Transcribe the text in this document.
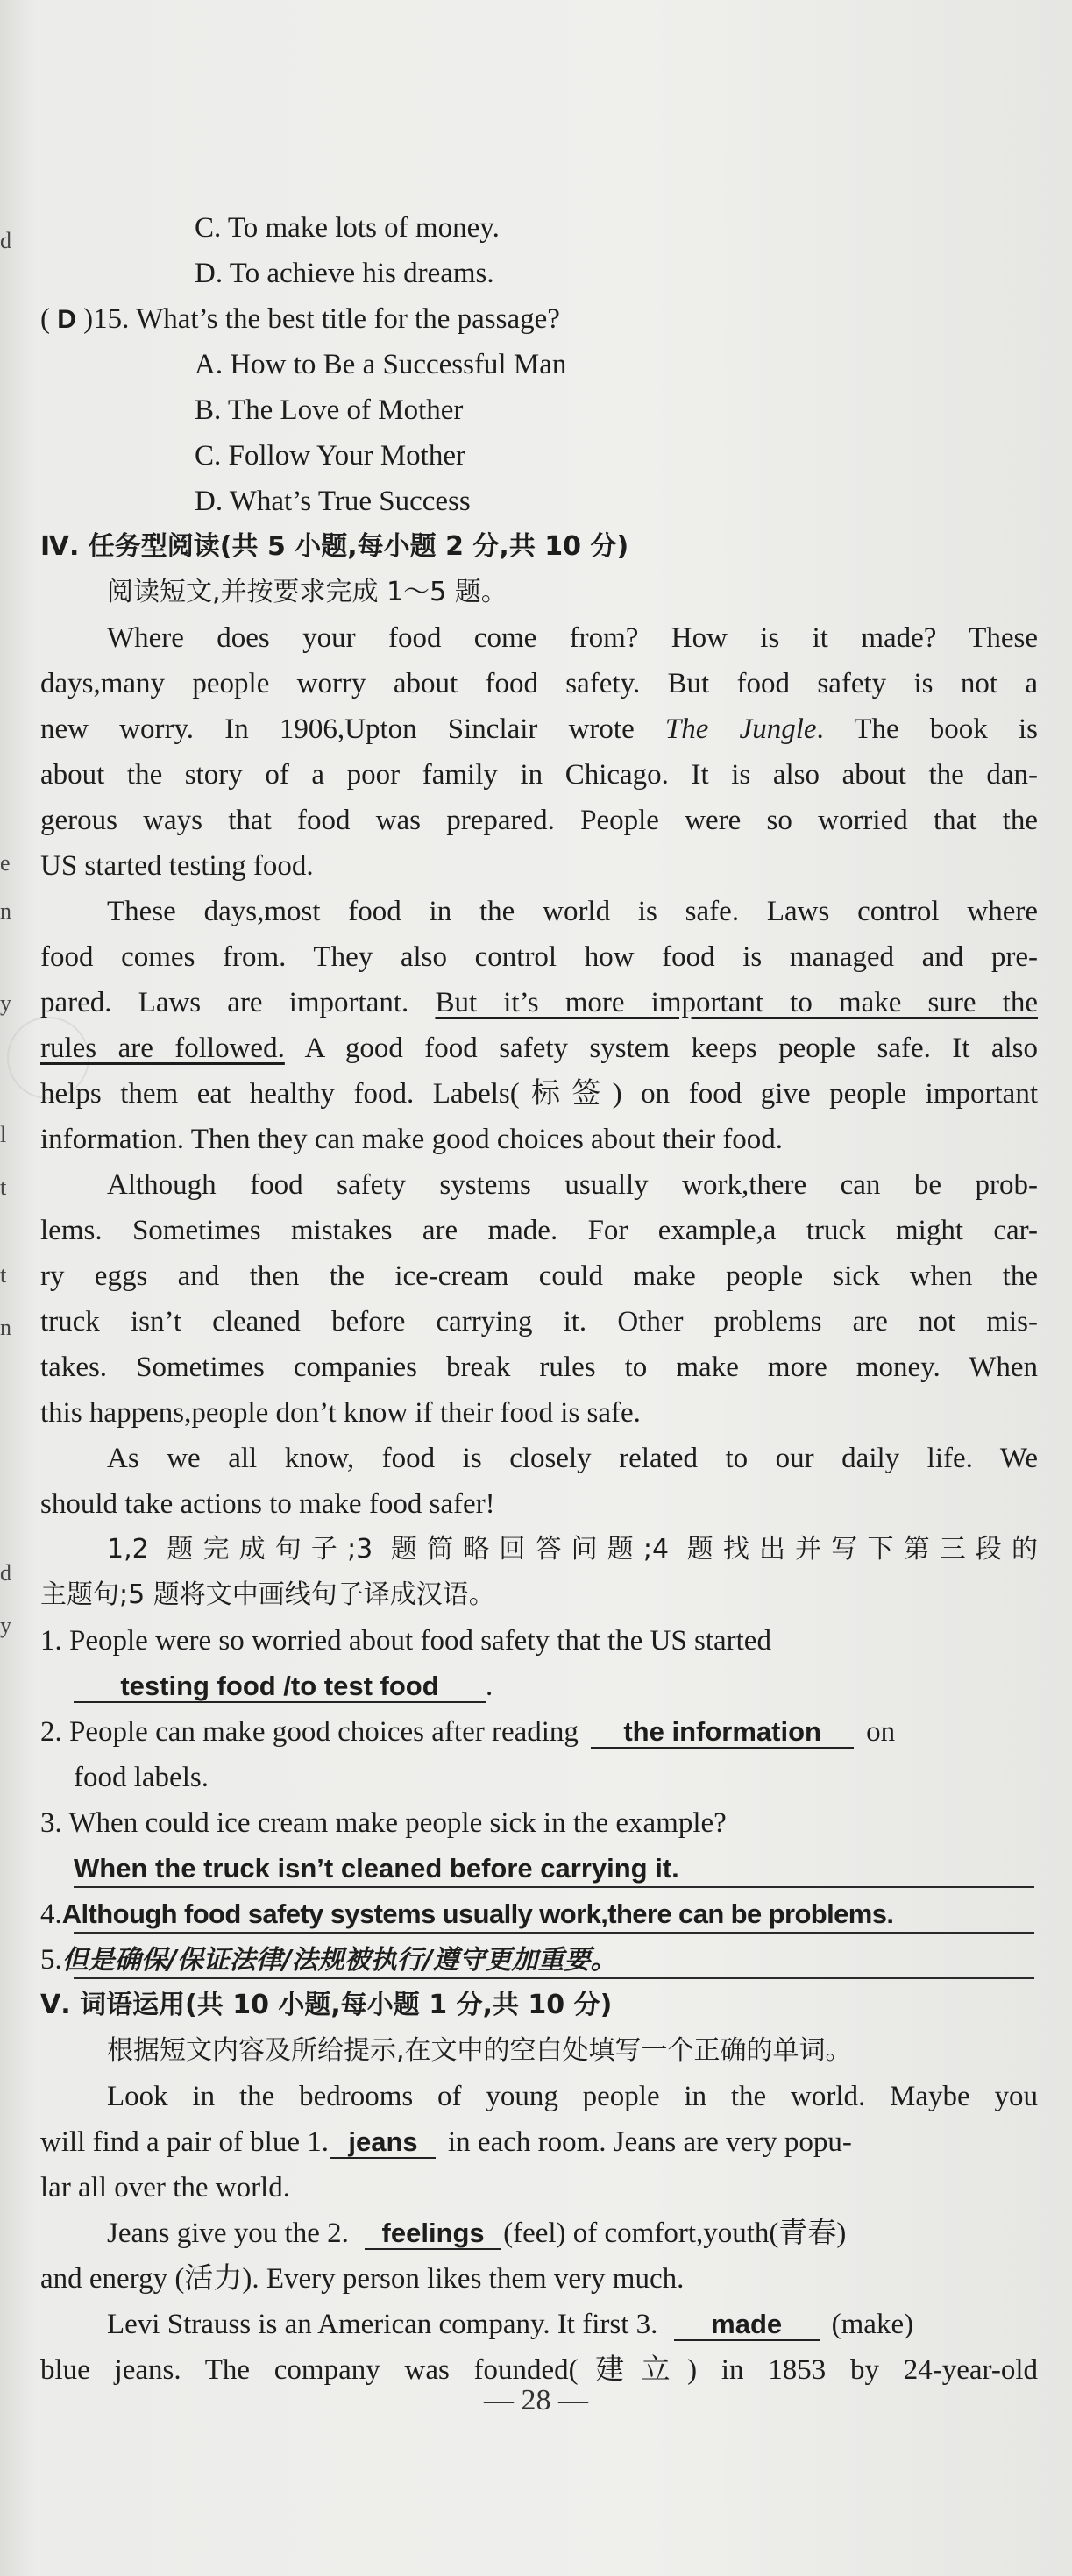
d
e
n
y
l
t
t
n
d
y
C. To make lots of money.
D. To achieve his dreams.
( D )15. What’s the best title for the passage?
A. How to Be a Successful Man
B. The Love of Mother
C. Follow Your Mother
D. What’s True Success
Ⅳ. 任务型阅读(共 5 小题,每小题 2 分,共 10 分)
阅读短文,并按要求完成 1～5 题。
Where does your food come from? How is it made? These
days,many people worry about food safety. But food safety is not a
new worry. In 1906,Upton Sinclair wrote The Jungle. The book is
about the story of a poor family in Chicago. It is also about the dan-
gerous ways that food was prepared. People were so worried that the
US started testing food.
These days,most food in the world is safe. Laws control where
food comes from. They also control how food is managed and pre-
pared. Laws are important. But it’s more important to make sure the
rules are followed. A good food safety system keeps people safe. It also
helps them eat healthy food. Labels(标签) on food give people important
information. Then they can make good choices about their food.
Although food safety systems usually work,there can be prob-
lems. Sometimes mistakes are made. For example,a truck might car-
ry eggs and then the ice-cream could make people sick when the
truck isn’t cleaned before carrying it. Other problems are not mis-
takes. Sometimes companies break rules to make more money. When
this happens,people don’t know if their food is safe.
As we all know, food is closely related to our daily life. We
should take actions to make food safer!
1,2 题完成句子;3 题简略回答问题;4 题找出并写下第三段的
主题句;5 题将文中画线句子译成汉语。
1. People were so worried about food safety that the US started
testing food /to test food .
2. People can make good choices after reading the information on
food labels.
3. When could ice cream make people sick in the example?
When the truck isn’t cleaned before carrying it.
4.Although food safety systems usually work,there can be problems.
5.但是确保/保证法律/法规被执行/遵守更加重要。
Ⅴ. 词语运用(共 10 小题,每小题 1 分,共 10 分)
根据短文内容及所给提示,在文中的空白处填写一个正确的单词。
Look in the bedrooms of young people in the world. Maybe you
will find a pair of blue 1. jeans in each room. Jeans are very popu-
lar all over the world.
Jeans give you the 2. feelings (feel) of comfort,youth(青春)
and energy (活力). Every person likes them very much.
Levi Strauss is an American company. It first 3. made (make)
blue jeans. The company was founded(建立) in 1853 by 24-year-old
— 28 —
